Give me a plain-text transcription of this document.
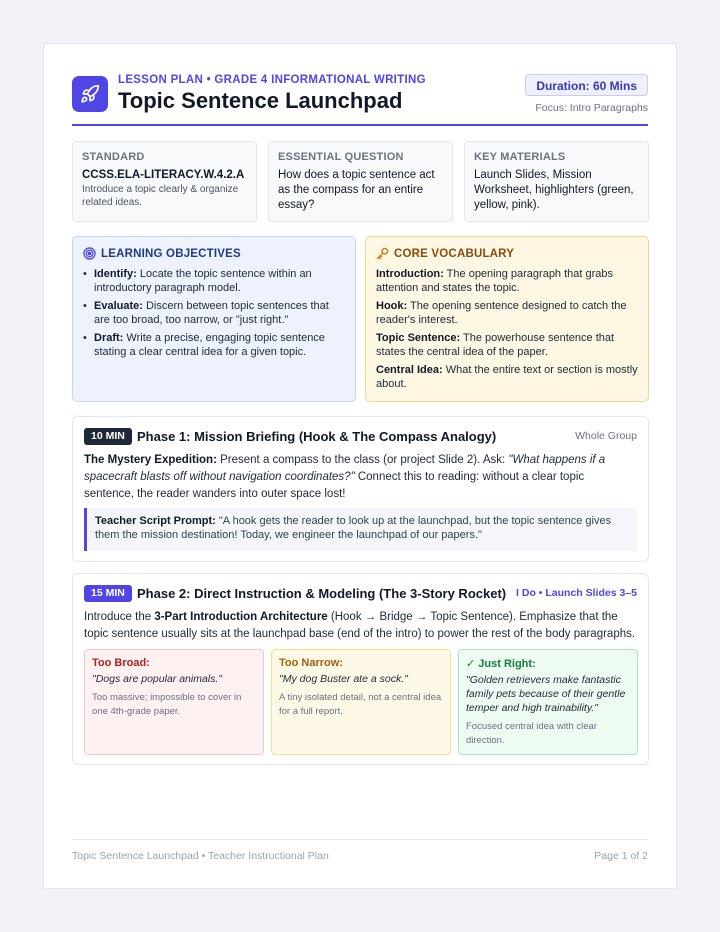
LESSON PLAN • GRADE 4 INFORMATIONAL WRITING
Topic Sentence Launchpad
Duration: 60 Mins
Focus: Intro Paragraphs
STANDARD
CCSS.ELA-LITERACY.W.4.2.A
Introduce a topic clearly & organize related ideas.
ESSENTIAL QUESTION
How does a topic sentence act as the compass for an entire essay?
KEY MATERIALS
Launch Slides, Mission Worksheet, highlighters (green, yellow, pink).
LEARNING OBJECTIVES
• Identify: Locate the topic sentence within an introductory paragraph model.
• Evaluate: Discern between topic sentences that are too broad, too narrow, or "just right."
• Draft: Write a precise, engaging topic sentence stating a clear central idea for a given topic.
CORE VOCABULARY
Introduction: The opening paragraph that grabs attention and states the topic.
Hook: The opening sentence designed to catch the reader's interest.
Topic Sentence: The powerhouse sentence that states the central idea of the paper.
Central Idea: What the entire text or section is mostly about.
10 MIN Phase 1: Mission Briefing (Hook & The Compass Analogy)	Whole Group
The Mystery Expedition: Present a compass to the class (or project Slide 2). Ask: "What happens if a spacecraft blasts off without navigation coordinates?" Connect this to reading: without a clear topic sentence, the reader wanders into outer space lost!
Teacher Script Prompt: "A hook gets the reader to look up at the launchpad, but the topic sentence gives them the mission destination! Today, we engineer the launchpad of our papers."
15 MIN Phase 2: Direct Instruction & Modeling (The 3-Story Rocket) I Do • Launch Slides 3–5
Introduce the 3-Part Introduction Architecture (Hook → Bridge → Topic Sentence). Emphasize that the topic sentence usually sits at the launchpad base (end of the intro) to power the rest of the body paragraphs.
Too Broad:
"Dogs are popular animals."
Too massive; impossible to cover in one 4th-grade paper.
Too Narrow:
"My dog Buster ate a sock."
A tiny isolated detail, not a central idea for a full report.
✓ Just Right:
"Golden retrievers make fantastic family pets because of their gentle temper and high trainability."
Focused central idea with clear direction.
Topic Sentence Launchpad • Teacher Instructional Plan	Page 1 of 2
